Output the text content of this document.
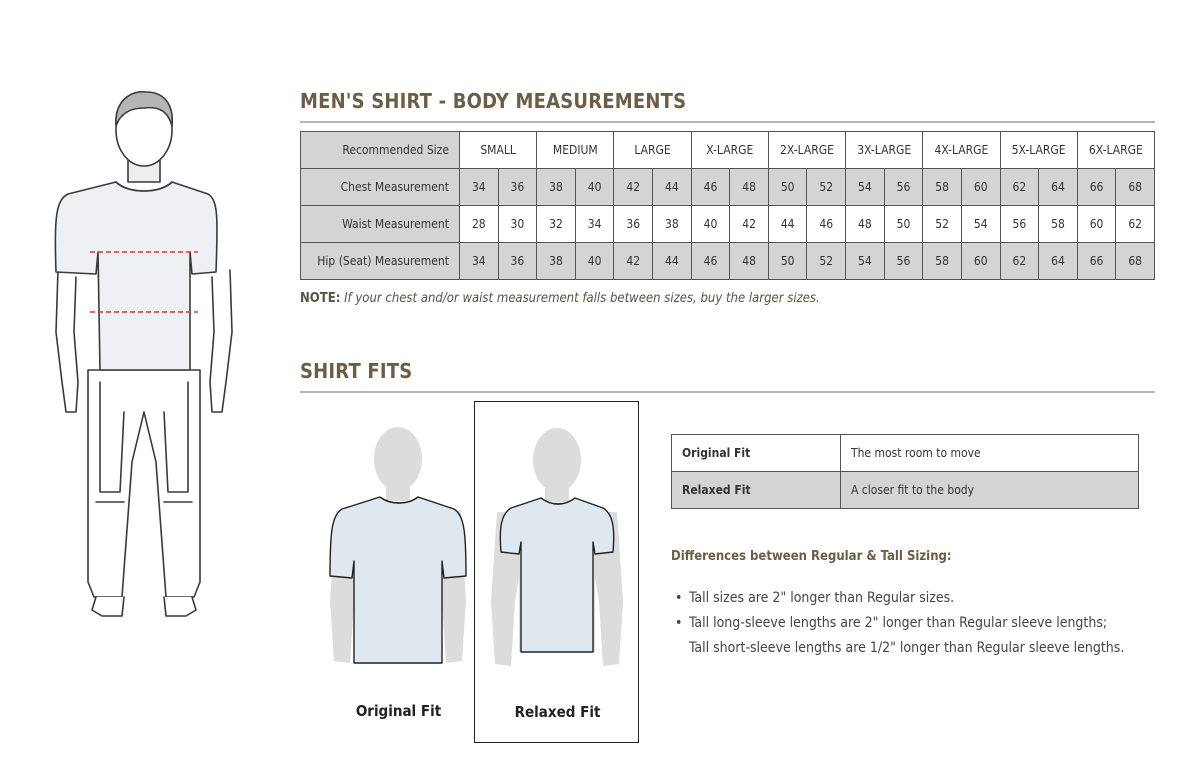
MEN'S SHIRT - BODY MEASUREMENTS
Recommended Size	SMALL		MEDIUM		LARGE		X-LARGE		2X-LARGE		3X-LARGE		4X-LARGE		5X-LARGE		6X-LARGE	
Chest Measurement	34	36	38	40	42	44	46	48	50	52	54	56	58	60	62	64	66	68
Waist Measurement	28	30	32	34	36	38	40	42	44	46	48	50	52	54	56	58	60	62
Hip (Seat) Measurement	34	36	38	40	42	44	46	48	50	52	54	56	58	60	62	64	66	68
NOTE: If your chest and/or waist measurement falls between sizes, buy the larger sizes.
SHIRT FITS
Original Fit	Relaxed Fit
Original Fit	The most room to move
Relaxed Fit	A closer fit to the body
Differences between Regular & Tall Sizing:
• Tall sizes are 2" longer than Regular sizes.
• Tall long-sleeve lengths are 2" longer than Regular sleeve lengths;
Tall short-sleeve lengths are 1/2" longer than Regular sleeve lengths.
